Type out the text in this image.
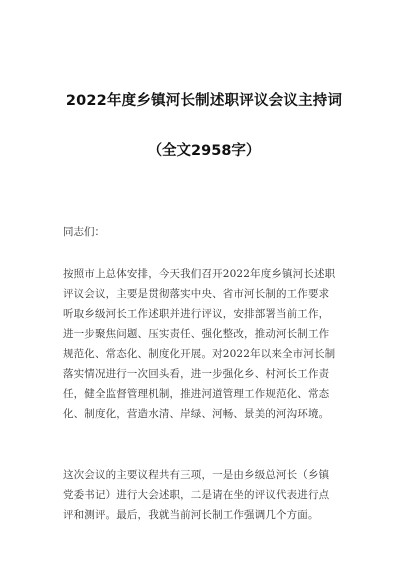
2022年度乡镇河长制述职评议会议主持词
（全文2958字）
同志们：
按照市上总体安排，今天我们召开2022年度乡镇河长述职
评议会议，主要是贯彻落实中央、省市河长制的工作要求
听取乡级河长工作述职并进行评议，安排部署当前工作，
进一步聚焦问题、压实责任、强化整改，推动河长制工作
规范化、常态化、制度化开展。对2022年以来全市河长制
落实情况进行一次回头看，进一步强化乡、村河长工作责
任，健全监督管理机制，推进河道管理工作规范化、常态
化、制度化，营造水清、岸绿、河畅、景美的河沟环境。
这次会议的主要议程共有三项，一是由乡级总河长（乡镇
党委书记）进行大会述职，二是请在坐的评议代表进行点
评和测评。最后，我就当前河长制工作强调几个方面。
